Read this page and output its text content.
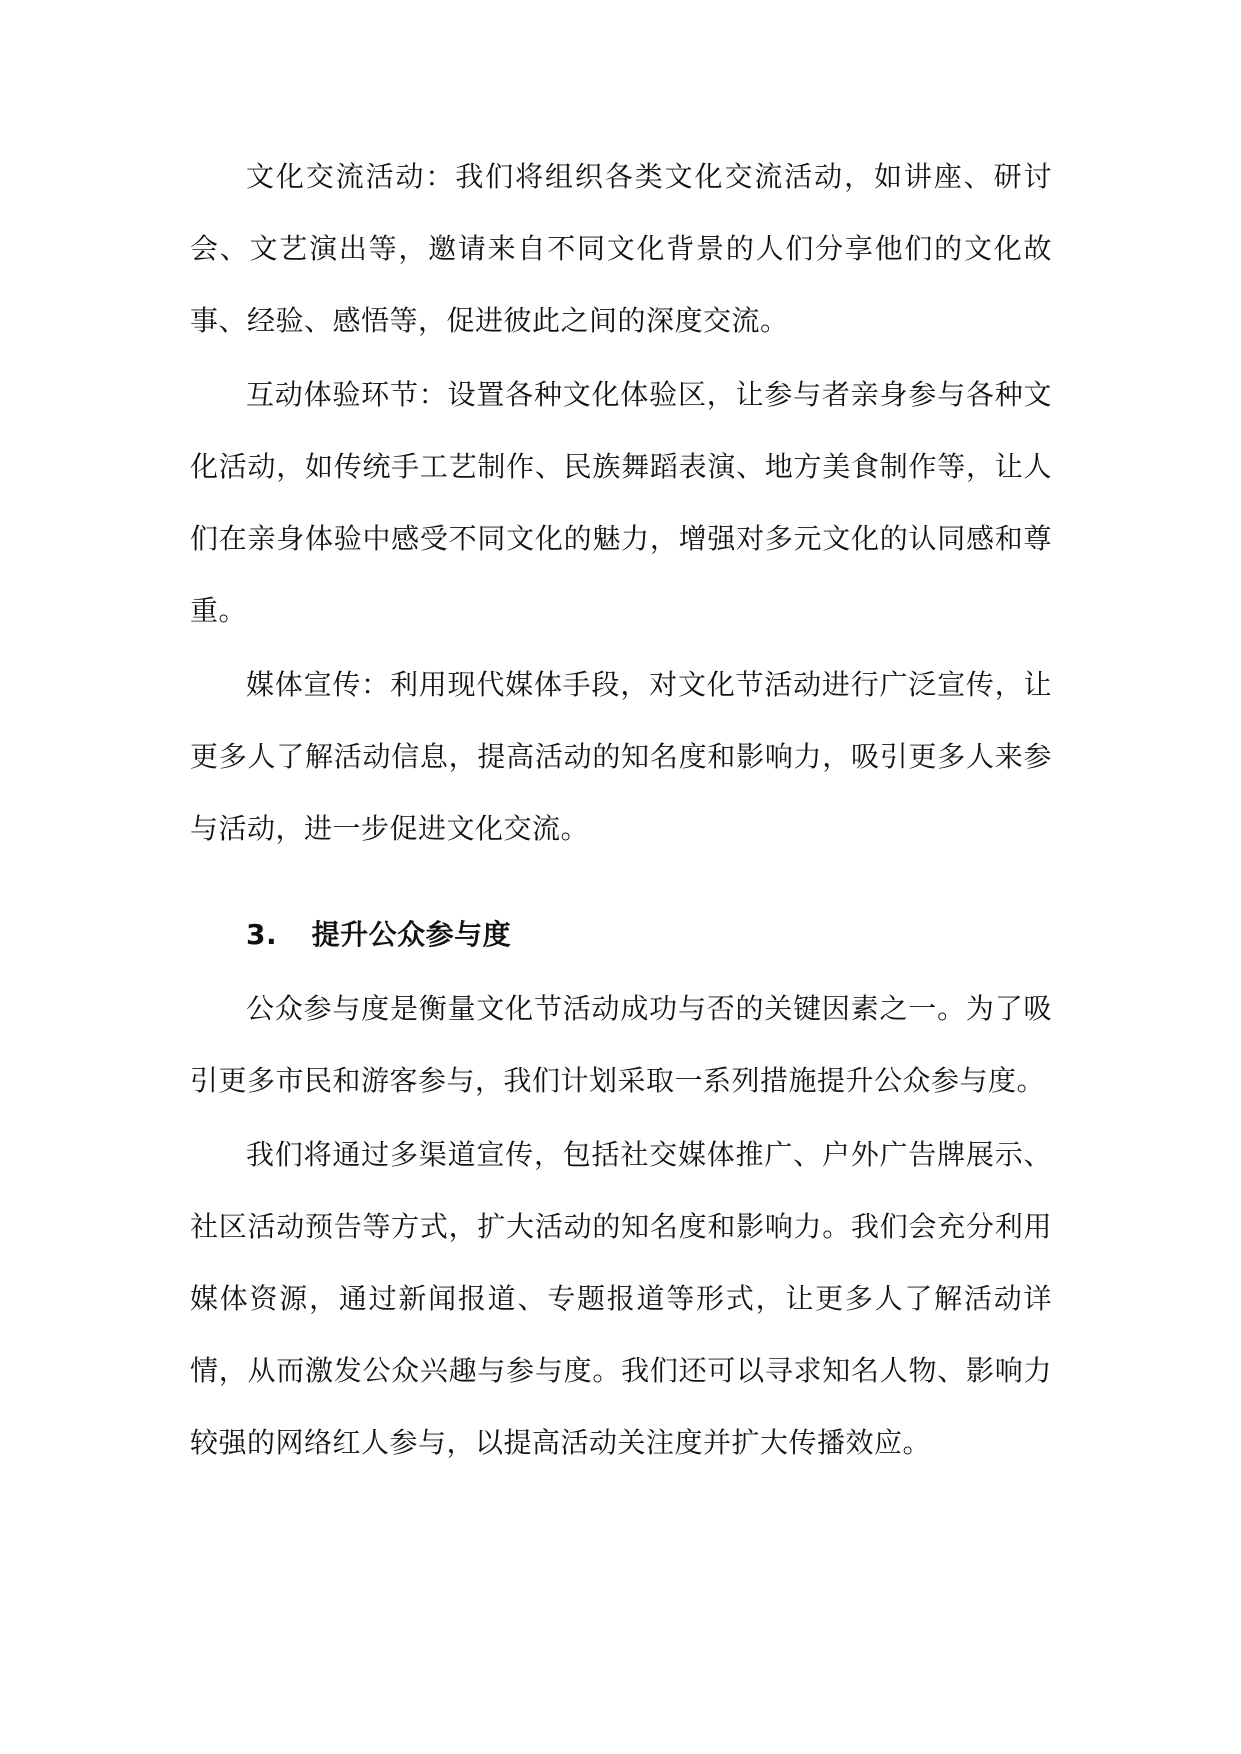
文化交流活动：我们将组织各类文化交流活动，如讲座、研讨会、文艺演出等，邀请来自不同文化背景的人们分享他们的文化故事、经验、感悟等，促进彼此之间的深度交流。

互动体验环节：设置各种文化体验区，让参与者亲身参与各种文化活动，如传统手工艺制作、民族舞蹈表演、地方美食制作等，让人们在亲身体验中感受不同文化的魅力，增强对多元文化的认同感和尊重。

媒体宣传：利用现代媒体手段，对文化节活动进行广泛宣传，让更多人了解活动信息，提高活动的知名度和影响力，吸引更多人来参与活动，进一步促进文化交流。

3. 提升公众参与度

公众参与度是衡量文化节活动成功与否的关键因素之一。为了吸引更多市民和游客参与，我们计划采取一系列措施提升公众参与度。

我们将通过多渠道宣传，包括社交媒体推广、户外广告牌展示、社区活动预告等方式，扩大活动的知名度和影响力。我们会充分利用媒体资源，通过新闻报道、专题报道等形式，让更多人了解活动详情，从而激发公众兴趣与参与度。我们还可以寻求知名人物、影响力较强的网络红人参与，以提高活动关注度并扩大传播效应。
